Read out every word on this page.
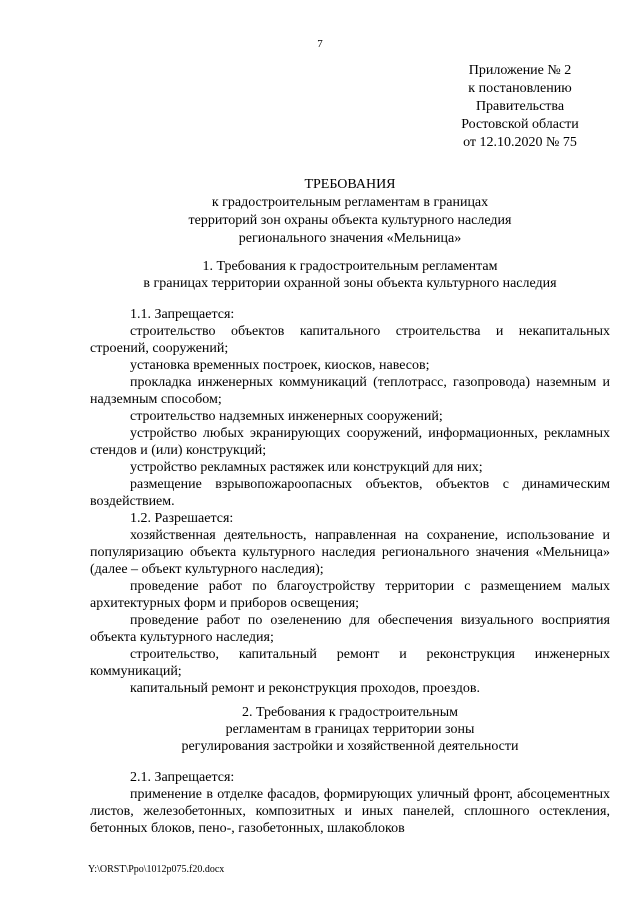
7
Приложение № 2
к постановлению
Правительства
Ростовской области
от 12.10.2020 № 75
ТРЕБОВАНИЯ
к градостроительным регламентам в границах
территорий зон охраны объекта культурного наследия
регионального значения «Мельница»
1. Требования к градостроительным регламентам
в границах территории охранной зоны объекта культурного наследия

1.1. Запрещается:

строительство объектов капитального строительства и некапитальных строений, сооружений;

установка временных построек, киосков, навесов;

прокладка инженерных коммуникаций (теплотрасс, газопровода) наземным и надземным способом;

строительство надземных инженерных сооружений;

устройство любых экранирующих сооружений, информационных, рекламных стендов и (или) конструкций;

устройство рекламных растяжек или конструкций для них;

размещение взрывопожароопасных объектов, объектов с динамическим воздействием.

1.2. Разрешается:

хозяйственная деятельность, направленная на сохранение, использование и популяризацию объекта культурного наследия регионального значения «Мельница» (далее – объект культурного наследия);

проведение работ по благоустройству территории с размещением малых архитектурных форм и приборов освещения;

проведение работ по озеленению для обеспечения визуального восприятия объекта культурного наследия;

строительство, капитальный ремонт и реконструкция инженерных коммуникаций;

капитальный ремонт и реконструкция проходов, проездов.

2. Требования к градостроительным
регламентам в границах территории зоны
регулирования застройки и хозяйственной деятельности

2.1. Запрещается:

применение в отделке фасадов, формирующих уличный фронт, абсоцементных листов, железобетонных, композитных и иных панелей, сплошного остекления, бетонных блоков, пено-, газобетонных, шлакоблоков

Y:\ORST\Ppo\1012p075.f20.docx
